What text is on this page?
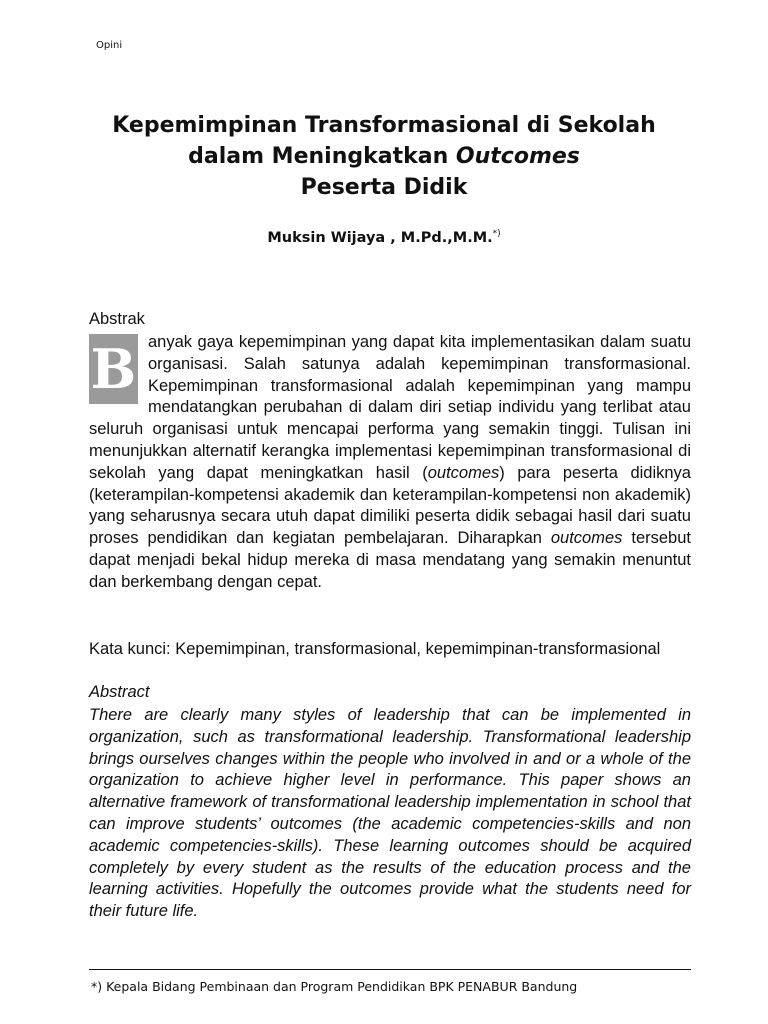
Opini
Kepemimpinan Transformasional di Sekolah
dalam Meningkatkan Outcomes
Peserta Didik
Muksin Wijaya , M.Pd.,M.M.*)
Abstrak
B anyak gaya kepemimpinan yang dapat kita implementasikan dalam suatu organisasi. Salah satunya adalah kepemimpinan transformasional. Kepemimpinan transformasional adalah kepemimpinan yang mampu mendatangkan perubahan di dalam diri setiap individu yang terlibat atau seluruh organisasi untuk mencapai performa yang semakin tinggi. Tulisan ini menunjukkan alternatif kerangka implementasi kepemimpinan transformasional di sekolah yang dapat meningkatkan hasil (outcomes) para peserta didiknya (keterampilan-kompetensi akademik dan keterampilan-kompetensi non akademik) yang seharusnya secara utuh dapat dimiliki peserta didik sebagai hasil dari suatu proses pendidikan dan kegiatan pembelajaran. Diharapkan outcomes tersebut dapat menjadi bekal hidup mereka di masa mendatang yang semakin menuntut dan berkembang dengan cepat.
Kata kunci: Kepemimpinan, transformasional, kepemimpinan-transformasional
Abstract
There are clearly many styles of leadership that can be implemented in organization, such as transformational leadership. Transformational leadership brings ourselves changes within the people who involved in and or a whole of the organization to achieve higher level in performance. This paper shows an alternative framework of transformational leadership implementation in school that can improve students’ outcomes (the academic competencies-skills and non academic competencies-skills). These learning outcomes should be acquired completely by every student as the results of the education process and the learning activities. Hopefully the outcomes provide what the students need for their future life.
*) Kepala Bidang Pembinaan dan Program Pendidikan BPK PENABUR Bandung
